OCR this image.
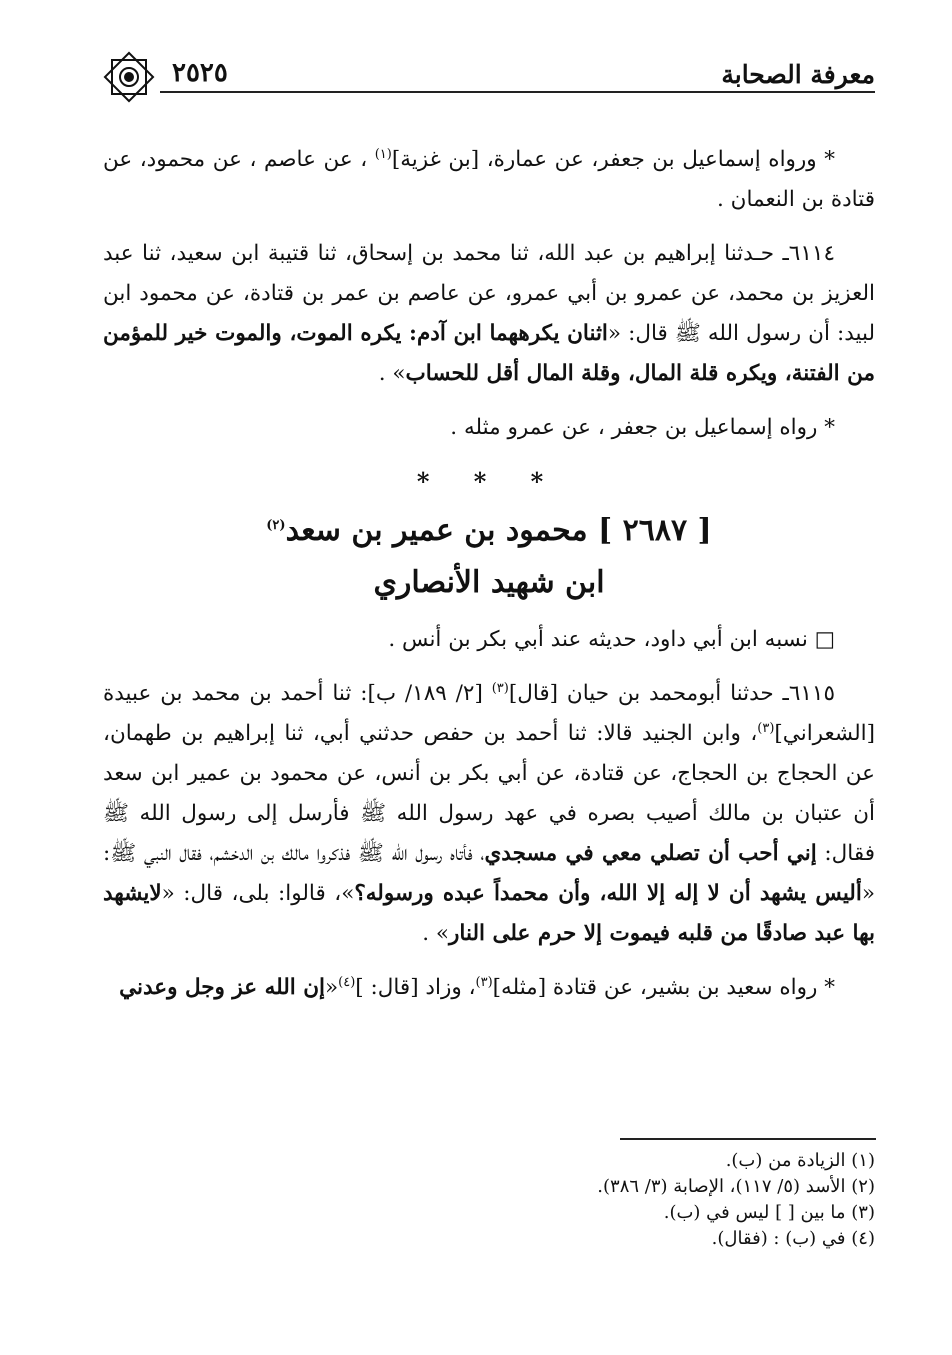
٢٥٢٥	معرفة الصحابة

* ورواه إسماعيل بن جعفر، عن عمارة، [بن غزية]$^{(١)}$ ، عن عاصم ، عن محمود، عن قتادة بن النعمان .

٦١١٤ـ حـدثنا إبراهيم بن عبد الله، ثنا محمد بن إسحاق، ثنا قتيبة ابن سعيد، ثنا عبد العزيز بن محمد، عن عمرو بن أبي عمرو، عن عاصم بن عمر بن قتادة، عن محمود ابن لبيد: أن رسول الله ﷺ قال: «اثنان يكرههما ابن آدم: يكره الموت، والموت خير للمؤمن من الفتنة، ويكره قلة المال، وقلة المال أقل للحساب» .

* رواه إسماعيل بن جعفر ، عن عمرو مثله .

* * *
[ ٢٦٨٧ ] محمود بن عمير بن سعد$^{(٢)}$
ابن شهيد الأنصاري

□ نسبه ابن أبي داود، حديثه عند أبي بكر بن أنس .

٦١١٥ـ حدثنا أبومحمد بن حيان [قال]$^{(٣)}$ [٢/ ١٨٩/ ب]: ثنا أحمد بن محمد بن عبيدة [الشعراني]$^{(٣)}$، وابن الجنيد قالا: ثنا أحمد بن حفص حدثني أبي، ثنا إبراهيم بن طهمان، عن الحجاج بن الحجاج، عن قتادة، عن أبي بكر بن أنس، عن محمود بن عمير ابن سعد أن عتبان بن مالك أصيب بصره في عهد رسول الله ﷺ فأرسل إلى رسول الله ﷺ فقال: إني أحب أن تصلي معي في مسجدي، فأتاه رسول الله ﷺ فذكروا مالك بن الدخشم، فقال النبي ﷺ: «أليس يشهد أن لا إله إلا الله، وأن محمداً عبده ورسوله؟»، قالوا: بلى، قال: «لايشهد بها عبد صادقًا من قلبه فيموت إلا حرم على النار» .

* رواه سعيد بن بشير، عن قتادة [مثله]$^{(٣)}$، وزاد [قال: ]$^{(٤)}$«إن الله عز وجل وعدني

(١) الزيادة من (ب).

(٢) الأسد (٥/ ١١٧)، الإصابة (٣/ ٣٨٦).

(٣) ما بين [ ] ليس في (ب).

(٤) في (ب) : (فقال).
